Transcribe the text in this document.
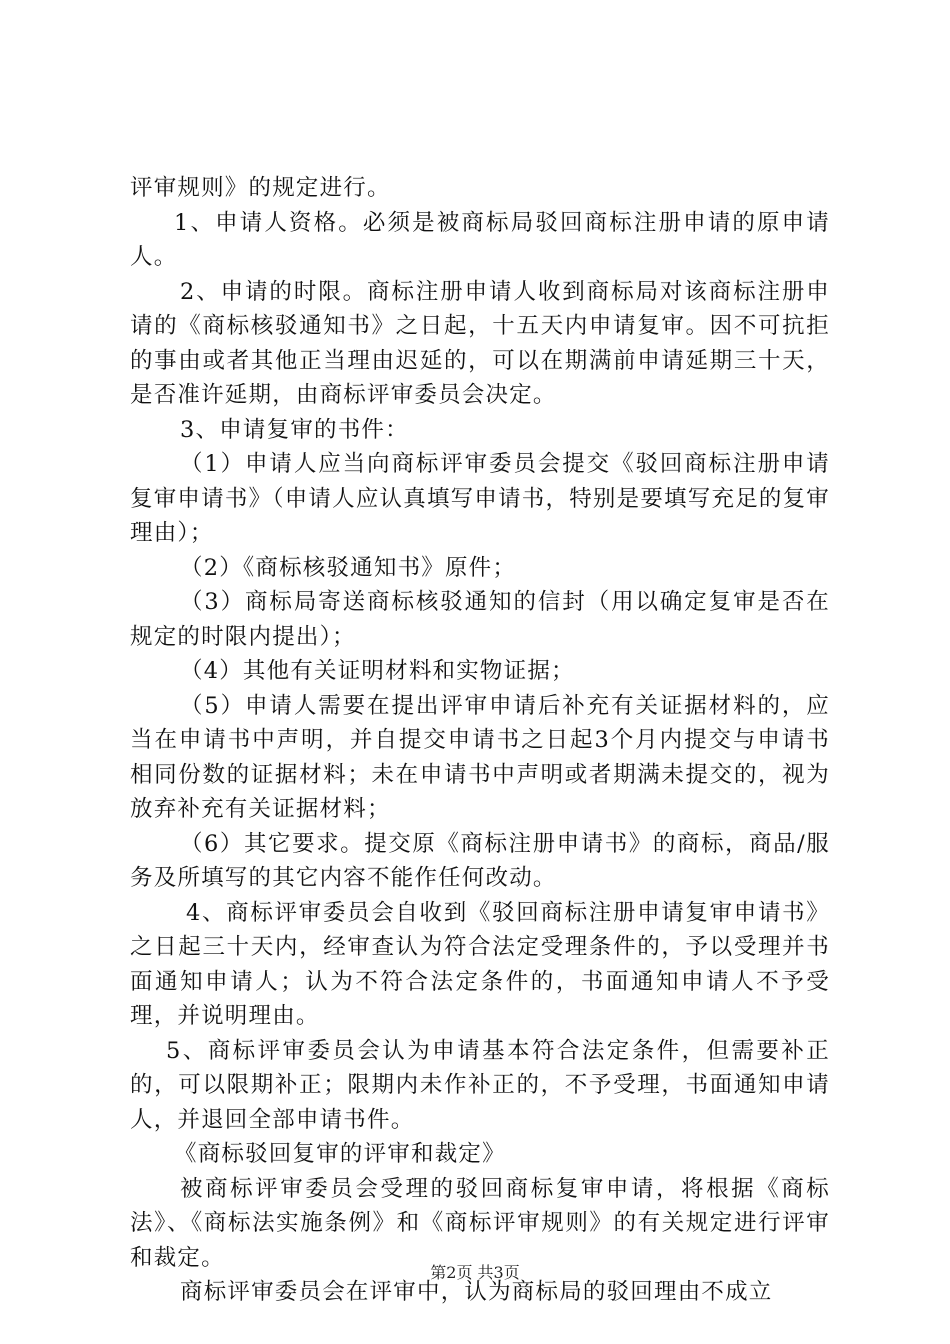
评审规则》的规定进行。

1、申请人资格。必须是被商标局驳回商标注册申请的原申请人。

2、申请的时限。商标注册申请人收到商标局对该商标注册申请的《商标核驳通知书》之日起，十五天内申请复审。因不可抗拒的事由或者其他正当理由迟延的，可以在期满前申请延期三十天，是否准许延期，由商标评审委员会决定。

3、申请复审的书件：

（1）申请人应当向商标评审委员会提交《驳回商标注册申请复审申请书》（申请人应认真填写申请书，特别是要填写充足的复审理由）；

（2）《商标核驳通知书》原件；

（3）商标局寄送商标核驳通知的信封（用以确定复审是否在规定的时限内提出）；

（4）其他有关证明材料和实物证据；

（5）申请人需要在提出评审申请后补充有关证据材料的，应当在申请书中声明，并自提交申请书之日起3个月内提交与申请书相同份数的证据材料；未在申请书中声明或者期满未提交的，视为放弃补充有关证据材料；

（6）其它要求。提交原《商标注册申请书》的商标，商品/服务及所填写的其它内容不能作任何改动。

4、商标评审委员会自收到《驳回商标注册申请复审申请书》之日起三十天内，经审查认为符合法定受理条件的，予以受理并书面通知申请人；认为不符合法定条件的，书面通知申请人不予受理，并说明理由。

5、商标评审委员会认为申请基本符合法定条件，但需要补正的，可以限期补正；限期内未作补正的，不予受理，书面通知申请人，并退回全部申请书件。

《商标驳回复审的评审和裁定》

被商标评审委员会受理的驳回商标复审申请，将根据《商标法》、《商标法实施条例》和《商标评审规则》的有关规定进行评审和裁定。

商标评审委员会在评审中，认为商标局的驳回理由不成立

第2页 共3页
